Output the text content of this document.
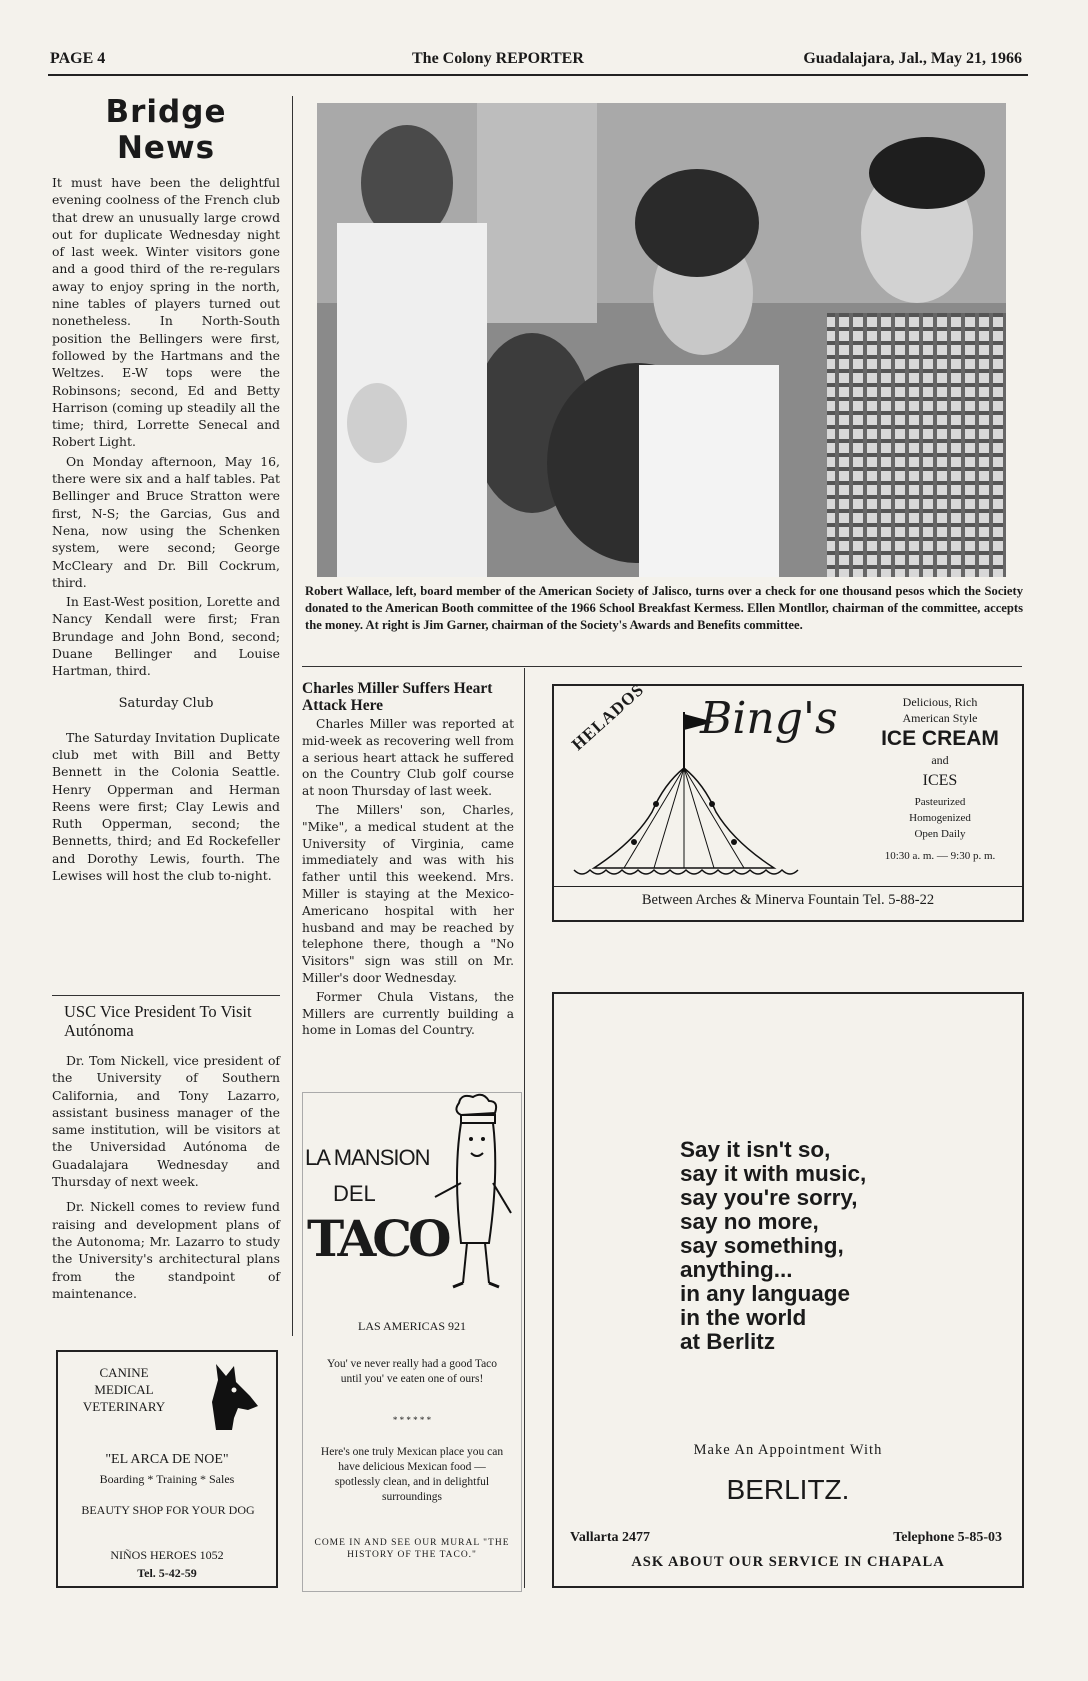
PAGE 4	The Colony REPORTER	Guadalajara, Jal., May 21, 1966
Bridge News

It must have been the delightful evening coolness of the French club that drew an unusually large crowd out for duplicate Wednesday night of last week. Winter visitors gone and a good third of the re-regulars away to enjoy spring in the north, nine tables of players turned out nonetheless. In North-South position the Bellingers were first, followed by the Hartmans and the Weltzes. E-W tops were the Robinsons; second, Ed and Betty Harrison (coming up steadily all the time; third, Lorrette Senecal and Robert Light.

On Monday afternoon, May 16, there were six and a half tables. Pat Bellinger and Bruce Stratton were first, N-S; the Garcias, Gus and Nena, now using the Schenken system, were second; George McCleary and Dr. Bill Cockrum, third.

In East-West position, Lorette and Nancy Kendall were first; Fran Brundage and John Bond, second; Duane Bellinger and Louise Hartman, third.

Saturday Club

The Saturday Invitation Duplicate club met with Bill and Betty Bennett in the Colonia Seattle. Henry Opperman and Herman Reens were first; Clay Lewis and Ruth Opperman, second; the Bennetts, third; and Ed Rockefeller and Dorothy Lewis, fourth. The Lewises will host the club to-night.

USC Vice President To Visit Autónoma

Dr. Tom Nickell, vice president of the University of Southern California, and Tony Lazarro, assistant business manager of the same institution, will be visitors at the Universidad Autónoma de Guadalajara Wednesday and Thursday of next week.

Dr. Nickell comes to review fund raising and development plans of the Autonoma; Mr. Lazarro to study the University's architectural plans from the standpoint of maintenance.

CANINE
MEDICAL
VETERINARY
"EL ARCA DE NOE"
Boarding * Training * Sales
BEAUTY SHOP FOR YOUR DOG
NIÑOS HEROES 1052
Tel. 5-42-59
Robert Wallace, left, board member of the American Society of Jalisco, turns over a check for one thousand pesos which the Society donated to the American Booth committee of the 1966 School Breakfast Kermess. Ellen Montllor, chairman of the committee, accepts the money. At right is Jim Garner, chairman of the Society's Awards and Benefits committee.
Charles Miller Suffers Heart Attack Here

Charles Miller was reported at mid-week as recovering well from a serious heart attack he suffered on the Country Club golf course at noon Thursday of last week.

The Millers' son, Charles, "Mike", a medical student at the University of Virginia, came immediately and was with his father until this weekend. Mrs. Miller is staying at the Mexico-Americano hospital with her husband and may be reached by telephone there, though a "No Visitors" sign was still on Mr. Miller's door Wednesday.

Former Chula Vistans, the Millers are currently building a home in Lomas del Country.

HELADOS Bing's	Delicious, Rich
American Style
ICE CREAM
and
ICES
Pasteurized
Homogenized
Open Daily
10:30 a. m. — 9:30 p. m.
Between Arches & Minerva Fountain Tel. 5-88-22
LA MANSION
DEL
TACO
LAS AMERICAS 921
You' ve never really had a good Taco until you' ve eaten one of ours!
* * * * * *
Here's one truly Mexican place you can have delicious Mexican food — spotlessly clean, and in delightful surroundings
COME IN AND SEE OUR MURAL "THE HISTORY OF THE TACO."
Say it isn't so,
say it with music,
say you're sorry,
say no more,
say something,
anything...
in any language
in the world
at Berlitz
Make An Appointment With
BERLITZ.
Vallarta 2477	Telephone 5-85-03
ASK ABOUT OUR SERVICE IN CHAPALA
